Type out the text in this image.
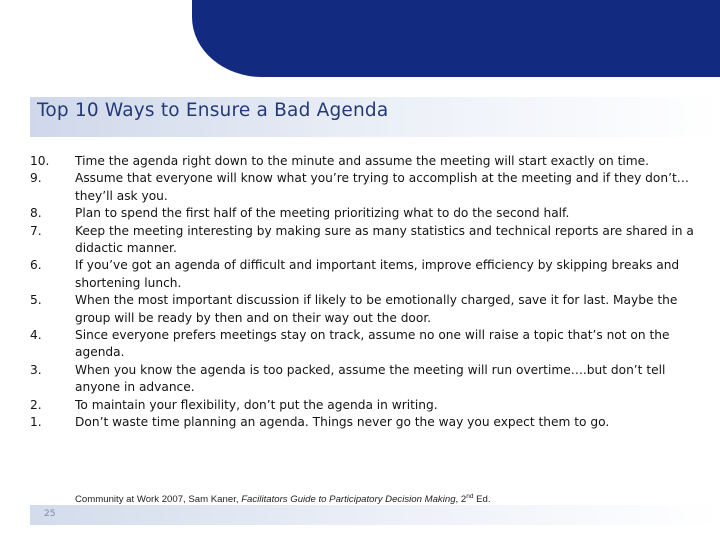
Top 10 Ways to Ensure a Bad Agenda
10.	Time the agenda right down to the minute and assume the meeting will start exactly on time.
9.	Assume that everyone will know what you’re trying to accomplish at the meeting and if they don’t…they’ll ask you.
8.	Plan to spend the first half of the meeting prioritizing what to do the second half.
7.	Keep the meeting interesting by making sure as many statistics and technical reports are shared in a didactic manner.
6.	If you’ve got an agenda of difficult and important items, improve efficiency by skipping breaks and shortening lunch.
5.	When the most important discussion if likely to be emotionally charged, save it for last. Maybe the group will be ready by then and on their way out the door.
4.	Since everyone prefers meetings stay on track, assume no one will raise a topic that’s not on the agenda.
3.	When you know the agenda is too packed, assume the meeting will run overtime….but don’t tell anyone in advance.
2.	To maintain your flexibility, don’t put the agenda in writing.
1.	Don’t waste time planning an agenda. Things never go the way you expect them to go.
Community at Work 2007, Sam Kaner, Facilitators Guide to Participatory Decision Making, 2nd Ed.
25
